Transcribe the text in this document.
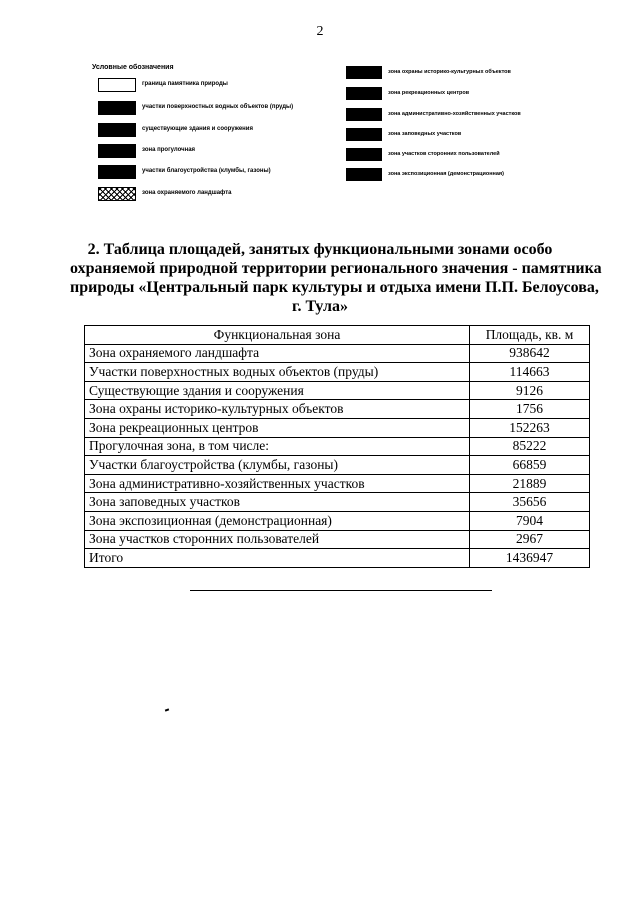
2
Условные обозначения
граница памятника природы
участки поверхностных водных объектов (пруды)
существующие здания и сооружения
зона прогулочная
участки благоустройства (клумбы, газоны)
зона охраняемого ландшафта
зона охраны историко-культурных объектов
зона рекреационных центров
зона административно-хозяйственных участков
зона заповедных участков
зона участков сторонних пользователей
зона экспозиционная (демонстрационная)
2. Таблица площадей, занятых функциональными зонами особо
охраняемой природной территории регионального значения - памятника
природы «Центральный парк культуры и отдыха имени П.П. Белоусова,
г. Тула»
Функциональная зона	Площадь, кв. м
Зона охраняемого ландшафта	938642
Участки поверхностных водных объектов (пруды)	114663
Существующие здания и сооружения	9126
Зона охраны историко-культурных объектов	1756
Зона рекреационных центров	152263
Прогулочная зона, в том числе:	85222
Участки благоустройства (клумбы, газоны)	66859
Зона административно-хозяйственных участков	21889
Зона заповедных участков	35656
Зона экспозиционная (демонстрационная)	7904
Зона участков сторонних пользователей	2967
Итого	1436947
